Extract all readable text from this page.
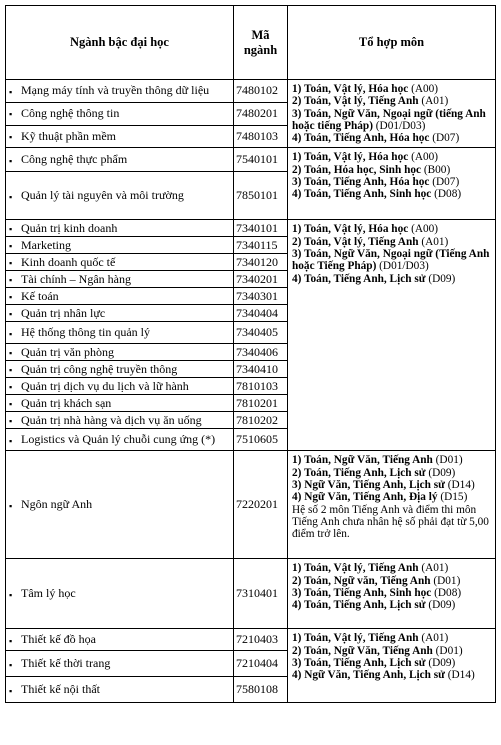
Ngành bậc đại học	Mã ngành	Tổ hợp môn
▪ Mạng máy tính và truyền thông dữ liệu	7480102	1) Toán, Vật lý, Hóa học (A00)
2) Toán, Vật lý, Tiếng Anh (A01)
3) Toán, Ngữ Văn, Ngoại ngữ (tiếng Anh hoặc tiếng Pháp) (D01/D03)
4) Toán, Tiếng Anh, Hóa học (D07)

▪ Công nghệ thông tin	7480201	
▪ Kỹ thuật phần mềm	7480103	
▪ Công nghệ thực phẩm	7540101	1) Toán, Vật lý, Hóa học (A00)
2) Toán, Hóa học, Sinh học (B00)
3) Toán, Tiếng Anh, Hóa học (D07)
4) Toán, Tiếng Anh, Sinh học (D08)

▪ Quản lý tài nguyên và môi trường	7850101	
▪ Quản trị kinh doanh	7340101	1) Toán, Vật lý, Hóa học (A00)
2) Toán, Vật lý, Tiếng Anh (A01)
3) Toán, Ngữ Văn, Ngoại ngữ (Tiếng Anh hoặc Tiếng Pháp) (D01/D03)
4) Toán, Tiếng Anh, Lịch sử (D09)

▪ Marketing	7340115	
▪ Kinh doanh quốc tế	7340120	
▪ Tài chính – Ngân hàng	7340201	
▪ Kế toán	7340301	
▪ Quản trị nhân lực	7340404	
▪ Hệ thống thông tin quản lý	7340405	
▪ Quản trị văn phòng	7340406	
▪ Quản trị công nghệ truyền thông	7340410	
▪ Quản trị dịch vụ du lịch và lữ hành	7810103	
▪ Quản trị khách sạn	7810201	
▪ Quản trị nhà hàng và dịch vụ ăn uống	7810202	
▪ Logistics và Quản lý chuỗi cung ứng (*)	7510605	
▪ Ngôn ngữ Anh	7220201	1) Toán, Ngữ Văn, Tiếng Anh (D01)
2) Toán, Tiếng Anh, Lịch sử (D09)
3) Ngữ Văn, Tiếng Anh, Lịch sử (D14)
4) Ngữ Văn, Tiếng Anh, Địa lý (D15)
Hệ số 2 môn Tiếng Anh và điểm thi môn Tiếng Anh chưa nhân hệ số phải đạt từ 5,00 điểm trở lên.

▪ Tâm lý học	7310401	1) Toán, Vật lý, Tiếng Anh (A01)
2) Toán, Ngữ văn, Tiếng Anh (D01)
3) Toán, Tiếng Anh, Sinh học (D08)
4) Toán, Tiếng Anh, Lịch sử (D09)

▪ Thiết kế đồ họa	7210403	1) Toán, Vật lý, Tiếng Anh (A01)
2) Toán, Ngữ Văn, Tiếng Anh (D01)
3) Toán, Tiếng Anh, Lịch sử (D09)
4) Ngữ Văn, Tiếng Anh, Lịch sử (D14)

▪ Thiết kế thời trang	7210404	
▪ Thiết kế nội thất	7580108	
